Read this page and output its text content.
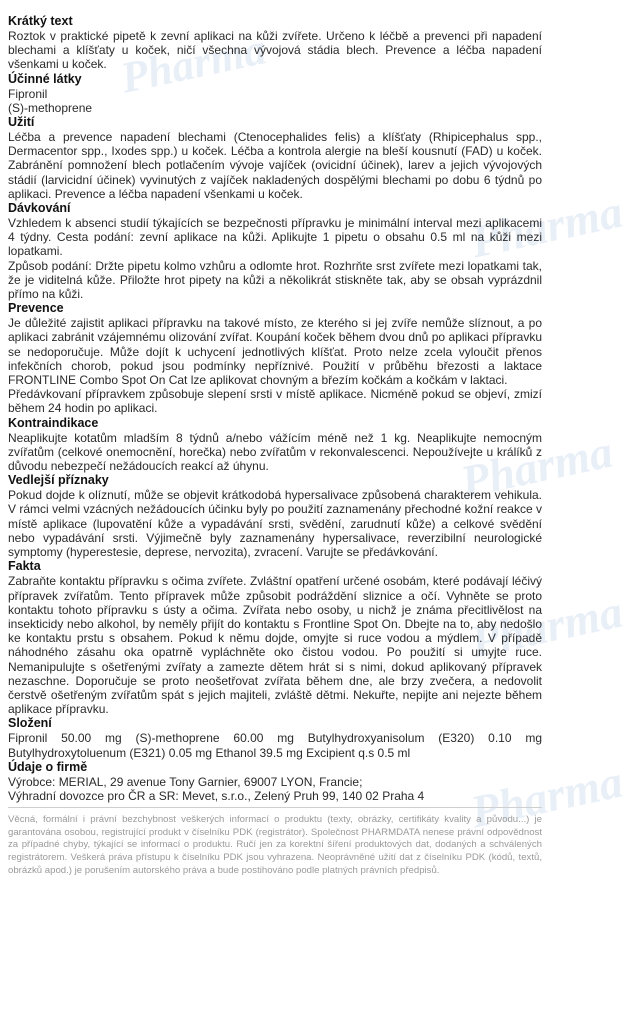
Pharma
Pharma
Pharma
Pharma
Pharma
Krátký text

Roztok v praktické pipetě k zevní aplikaci na kůži zvířete. Určeno k léčbě a prevenci při napadení blechami a klíšťaty u koček, ničí všechna vývojová stádia blech. Prevence a léčba napadení všenkami u koček.

Účinné látky

Fipronil

(S)-methoprene

Užití

Léčba a prevence napadení blechami (Ctenocephalides felis) a klíšťaty (Rhipicephalus spp., Dermacentor spp., Ixodes spp.) u koček. Léčba a kontrola alergie na bleší kousnutí (FAD) u koček. Zabránění pomnožení blech potlačením vývoje vajíček (ovicidní účinek), larev a jejich vývojových stádií (larvicidní účinek) vyvinutých z vajíček nakladených dospělými blechami po dobu 6 týdnů po aplikaci. Prevence a léčba napadení všenkami u koček.

Dávkování

Vzhledem k absenci studií týkajících se bezpečnosti přípravku je minimální interval mezi aplikacemi 4 týdny. Cesta podání: zevní aplikace na kůži. Aplikujte 1 pipetu o obsahu 0.5 ml na kůži mezi lopatkami.

Způsob podání: Držte pipetu kolmo vzhůru a odlomte hrot. Rozhrňte srst zvířete mezi lopatkami tak, že je viditelná kůže. Přiložte hrot pipety na kůži a několikrát stiskněte tak, aby se obsah vyprázdnil přímo na kůži.

Prevence

Je důležité zajistit aplikaci přípravku na takové místo, ze kterého si jej zvíře nemůže slíznout, a po aplikaci zabránit vzájemnému olizování zvířat. Koupání koček během dvou dnů po aplikaci přípravku se nedoporučuje. Může dojít k uchycení jednotlivých klíšťat. Proto nelze zcela vyloučit přenos infekčních chorob, pokud jsou podmínky nepříznivé. Použití v průběhu březosti a laktace FRONTLINE Combo Spot On Cat lze aplikovat chovným a březím kočkám a kočkám v laktaci.

Předávkovaní přípravkem způsobuje slepení srsti v místě aplikace. Nicméně pokud se objeví, zmizí během 24 hodin po aplikaci.

Kontraindikace

Neaplikujte kotatům mladším 8 týdnů a/nebo vážícím méně než 1 kg. Neaplikujte nemocným zvířatům (celkové onemocnění, horečka) nebo zvířatům v rekonvalescenci. Nepoužívejte u králíků z důvodu nebezpečí nežádoucích reakcí až úhynu.

Vedlejší příznaky

Pokud dojde k olíznutí, může se objevit krátkodobá hypersalivace způsobená charakterem vehikula. V rámci velmi vzácných nežádoucích účinku byly po použití zaznamenány přechodné kožní reakce v místě aplikace (lupovatění kůže a vypadávání srsti, svědění, zarudnutí kůže) a celkové svědění nebo vypadávání srsti. Výjimečně byly zaznamenány hypersalivace, reverzibilní neurologické symptomy (hyperestesie, deprese, nervozita), zvracení. Varujte se předávkování.

Fakta

Zabraňte kontaktu přípravku s očima zvířete. Zvláštní opatření určené osobám, které podávají léčivý přípravek zvířatům. Tento přípravek může způsobit podráždění sliznice a očí. Vyhněte se proto kontaktu tohoto přípravku s ústy a očima. Zvířata nebo osoby, u nichž je známa přecitlivělost na insekticidy nebo alkohol, by neměly přijít do kontaktu s Frontline Spot On. Dbejte na to, aby nedošlo ke kontaktu prstu s obsahem. Pokud k němu dojde, omyjte si ruce vodou a mýdlem. V případě náhodného zásahu oka opatrně vypláchněte oko čistou vodou. Po použití si umyjte ruce. Nemanipulujte s ošetřenými zvířaty a zamezte dětem hrát si s nimi, dokud aplikovaný přípravek nezaschne. Doporučuje se proto neošetřovat zvířata během dne, ale brzy zvečera, a nedovolit čerstvě ošetřeným zvířatům spát s jejich majiteli, zvláště dětmi. Nekuřte, nepijte ani nejezte během aplikace přípravku.

Složení

Fipronil 50.00 mg (S)-methoprene 60.00 mg Butylhydroxyanisolum (E320) 0.10 mg Butylhydroxytoluenum (E321) 0.05 mg Ethanol 39.5 mg Excipient q.s 0.5 ml

Údaje o firmě

Výrobce: MERIAL, 29 avenue Tony Garnier, 69007 LYON, Francie;

Výhradní dovozce pro ČR a SR: Mevet, s.r.o., Zelený Pruh 99, 140 02 Praha 4

Věcná, formální i právní bezchybnost veškerých informací o produktu (texty, obrázky, certifikáty kvality a původu...) je garantována osobou, registrující produkt v číselníku PDK (registrátor). Společnost PHARMDATA nenese právní odpovědnost za případné chyby, týkající se informací o produktu. Ručí jen za korektní šíření produktových dat, dodaných a schválených registrátorem. Veškerá práva přístupu k číselníku PDK jsou vyhrazena. Neoprávněné užití dat z číselníku PDK (kódů, textů, obrázků apod.) je porušením autorského práva a bude postihováno podle platných právních předpisů.
